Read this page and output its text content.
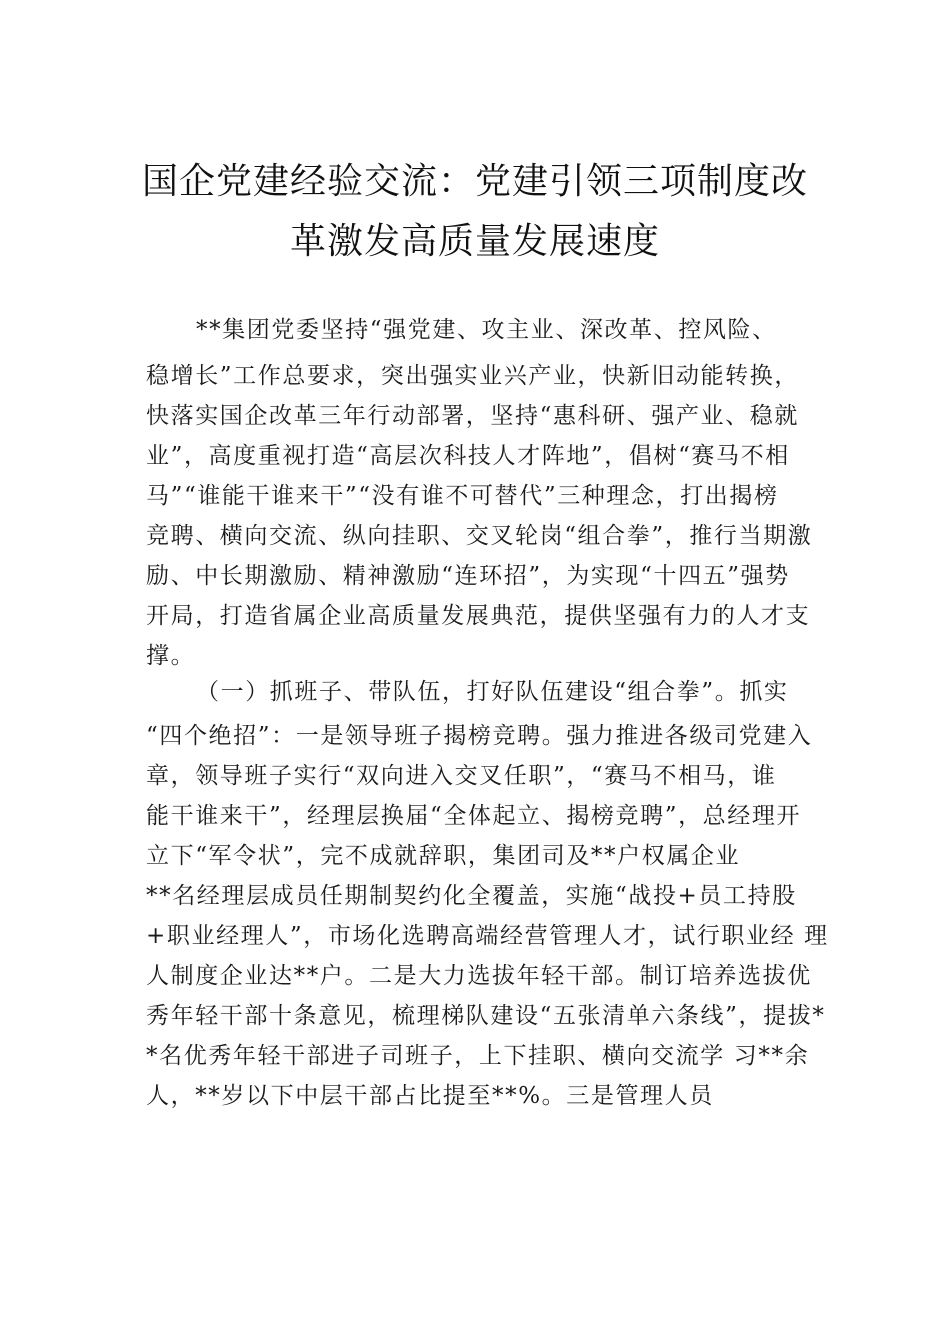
国企党建经验交流：党建引领三项制度改
革激发高质量发展速度
**集团党委坚持“强党建、攻主业、深改革、控风险、
稳增长”工作总要求，突出强实业兴产业，快新旧动能转换，
快落实国企改革三年行动部署，坚持“惠科研、强产业、稳就
业”，高度重视打造“高层次科技人才阵地”，倡树“赛马不相
马”“谁能干谁来干”“没有谁不可替代”三种理念，打出揭榜
竞聘、横向交流、纵向挂职、交叉轮岗“组合拳”，推行当期激
励、中长期激励、精神激励“连环招”，为实现“十四五”强势
开局，打造省属企业高质量发展典范，提供坚强有力的人才支
撑。
（一）抓班子、带队伍，打好队伍建设“组合拳”。抓实
“四个绝招”：一是领导班子揭榜竞聘。强力推进各级司党建入
章，领导班子实行“双向进入交叉任职”，“赛马不相马，谁
能干谁来干”，经理层换届“全体起立、揭榜竞聘”，总经理开
立下“军令状”，完不成就辞职，集团司及**户权属企业
**名经理层成员任期制契约化全覆盖，实施“战投+员工持股
+职业经理人”，市场化选聘高端经营管理人才，试行职业经 理
人制度企业达**户。二是大力选拔年轻干部。制订培养选拔优
秀年轻干部十条意见，梳理梯队建设“五张清单六条线”，提拔*
*名优秀年轻干部进子司班子，上下挂职、横向交流学 习**余
人，**岁以下中层干部占比提至**%。三是管理人员
